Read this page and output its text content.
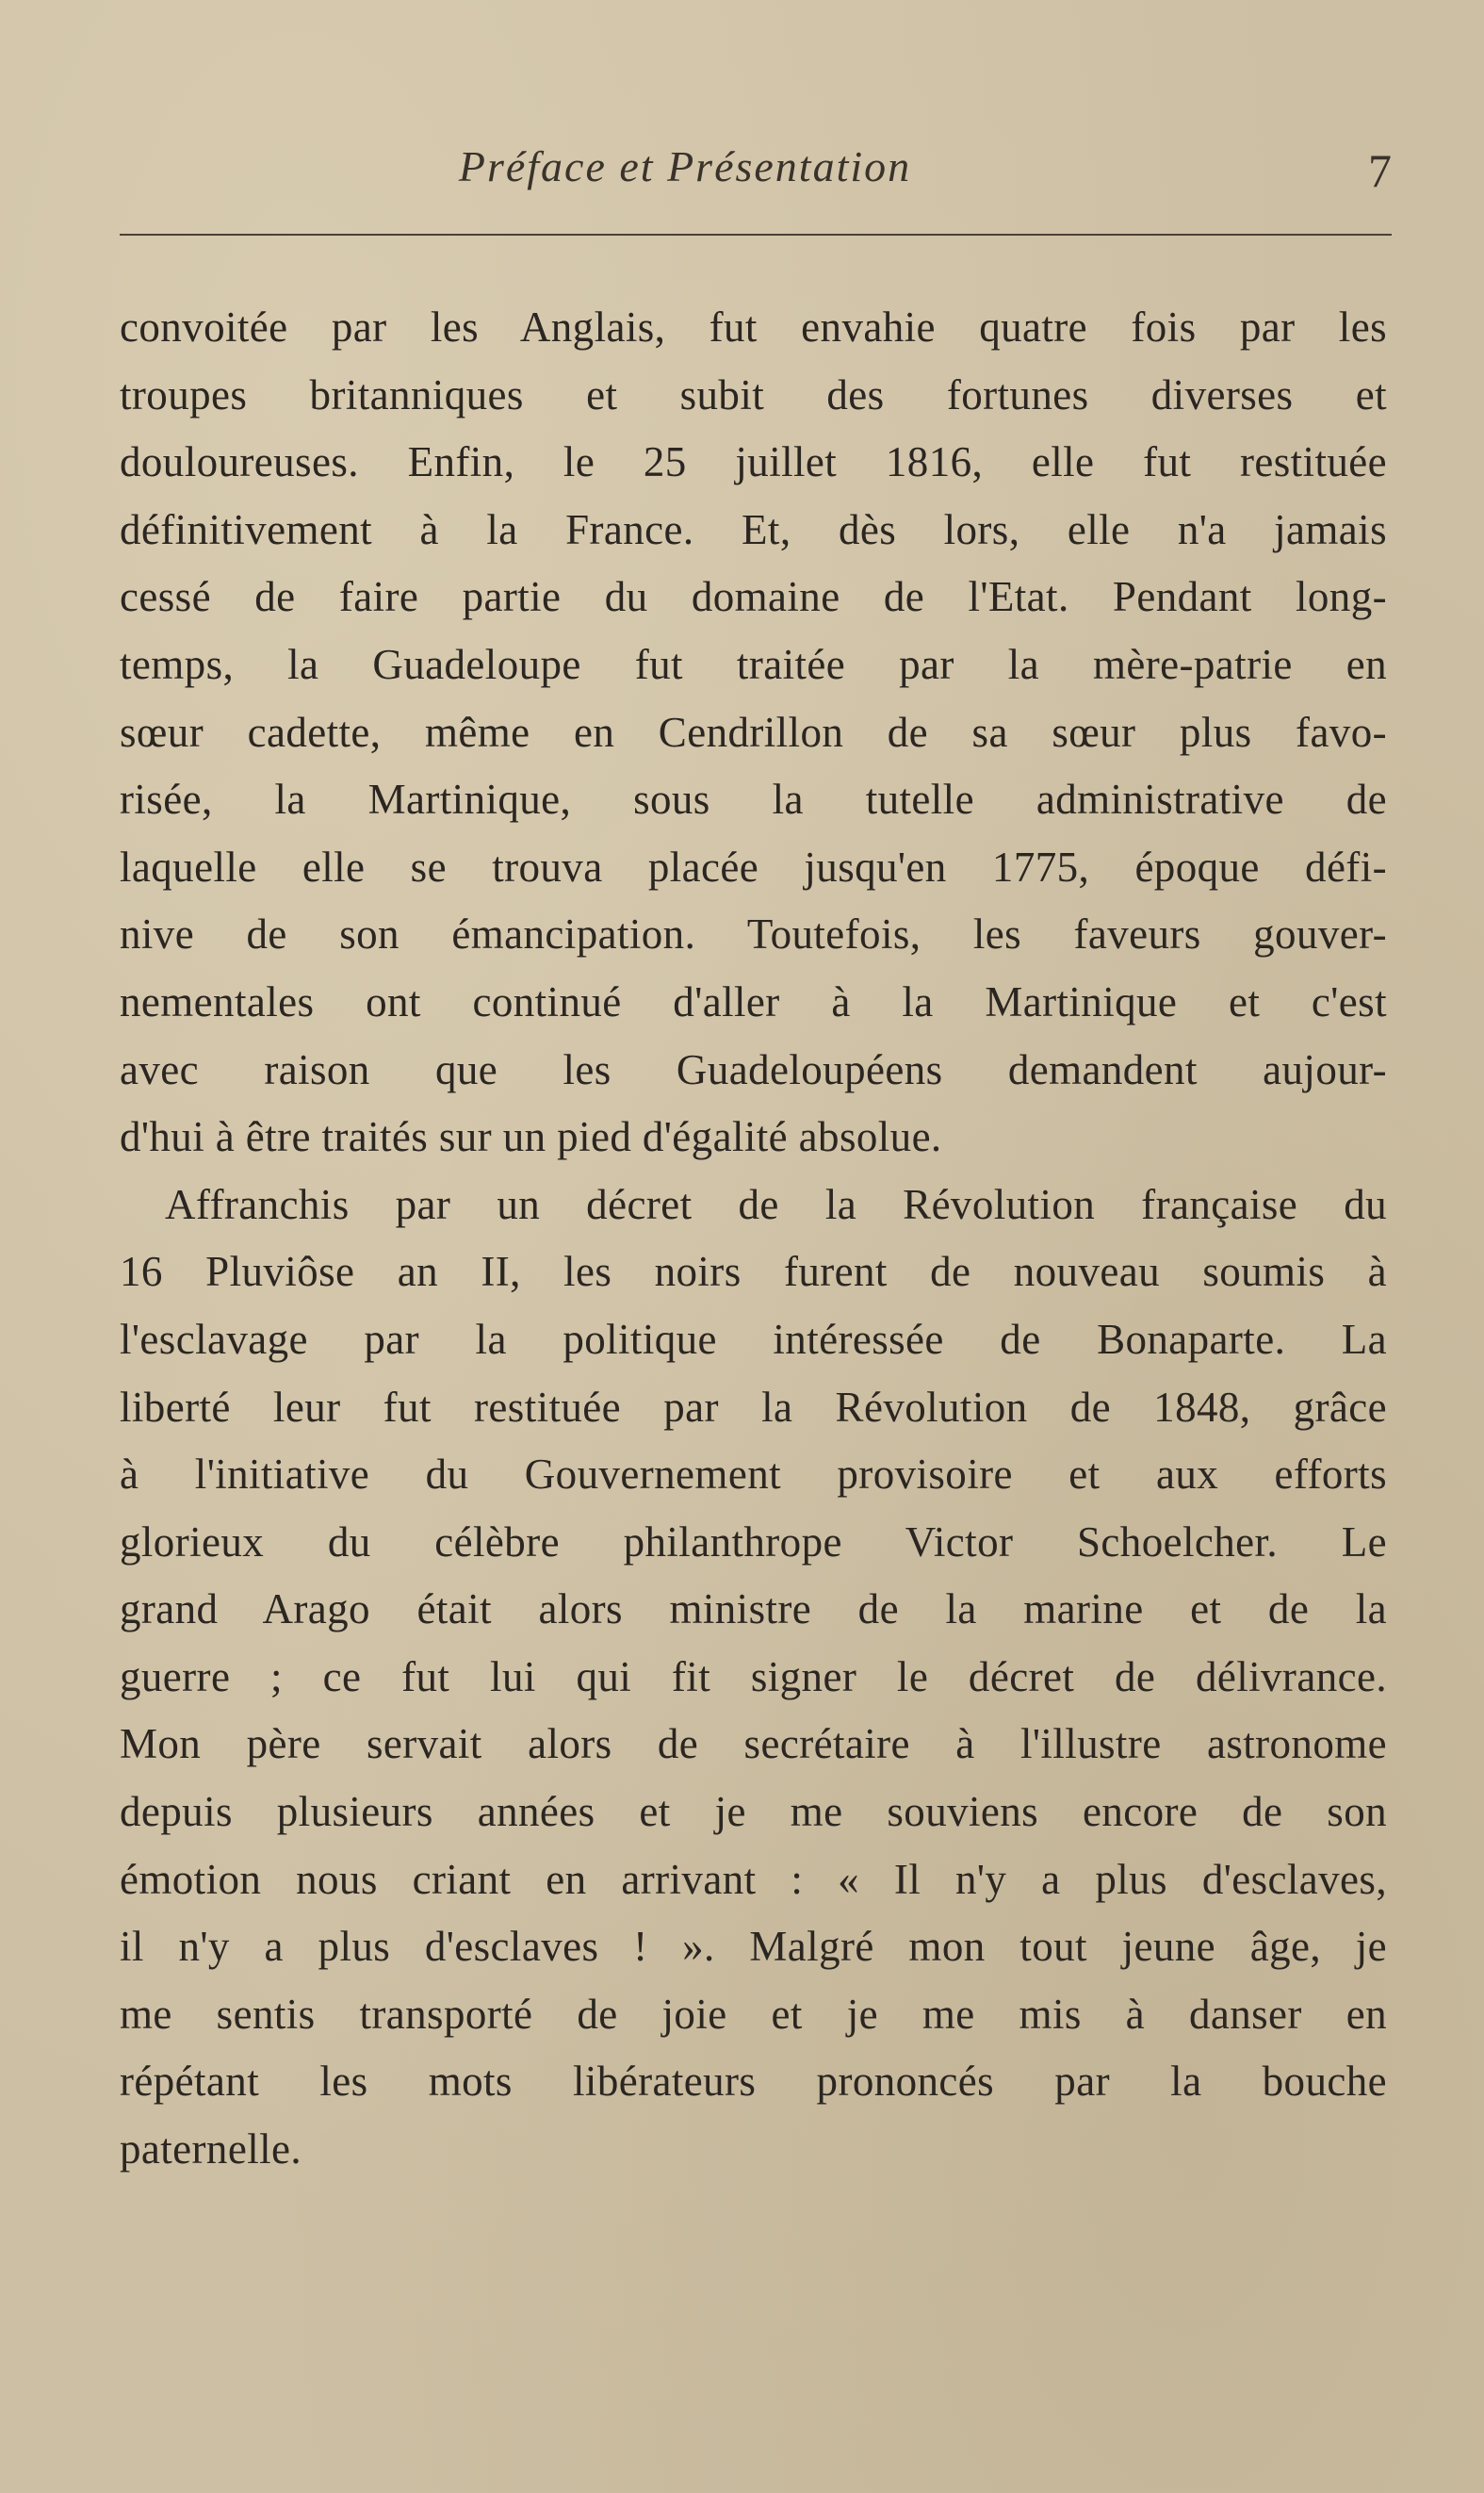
Préface et Présentation	7
convoitée par les Anglais, fut envahie quatre fois par les
troupes britanniques et subit des fortunes diverses et
douloureuses. Enfin, le 25 juillet 1816, elle fut restituée
définitivement à la France. Et, dès lors, elle n'a jamais
cessé de faire partie du domaine de l'Etat. Pendant long-
temps, la Guadeloupe fut traitée par la mère-patrie en
sœur cadette, même en Cendrillon de sa sœur plus favo-
risée, la Martinique, sous la tutelle administrative de
laquelle elle se trouva placée jusqu'en 1775, époque défi-
nive de son émancipation. Toutefois, les faveurs gouver-
nementales ont continué d'aller à la Martinique et c'est
avec raison que les Guadeloupéens demandent aujour-
d'hui à être traités sur un pied d'égalité absolue.
Affranchis par un décret de la Révolution française du
16 Pluviôse an II, les noirs furent de nouveau soumis à
l'esclavage par la politique intéressée de Bonaparte. La
liberté leur fut restituée par la Révolution de 1848, grâce
à l'initiative du Gouvernement provisoire et aux efforts
glorieux du célèbre philanthrope Victor Schoelcher. Le
grand Arago était alors ministre de la marine et de la
guerre ; ce fut lui qui fit signer le décret de délivrance.
Mon père servait alors de secrétaire à l'illustre astronome
depuis plusieurs années et je me souviens encore de son
émotion nous criant en arrivant : « Il n'y a plus d'esclaves,
il n'y a plus d'esclaves ! ». Malgré mon tout jeune âge, je
me sentis transporté de joie et je me mis à danser en
répétant les mots libérateurs prononcés par la bouche
paternelle.
